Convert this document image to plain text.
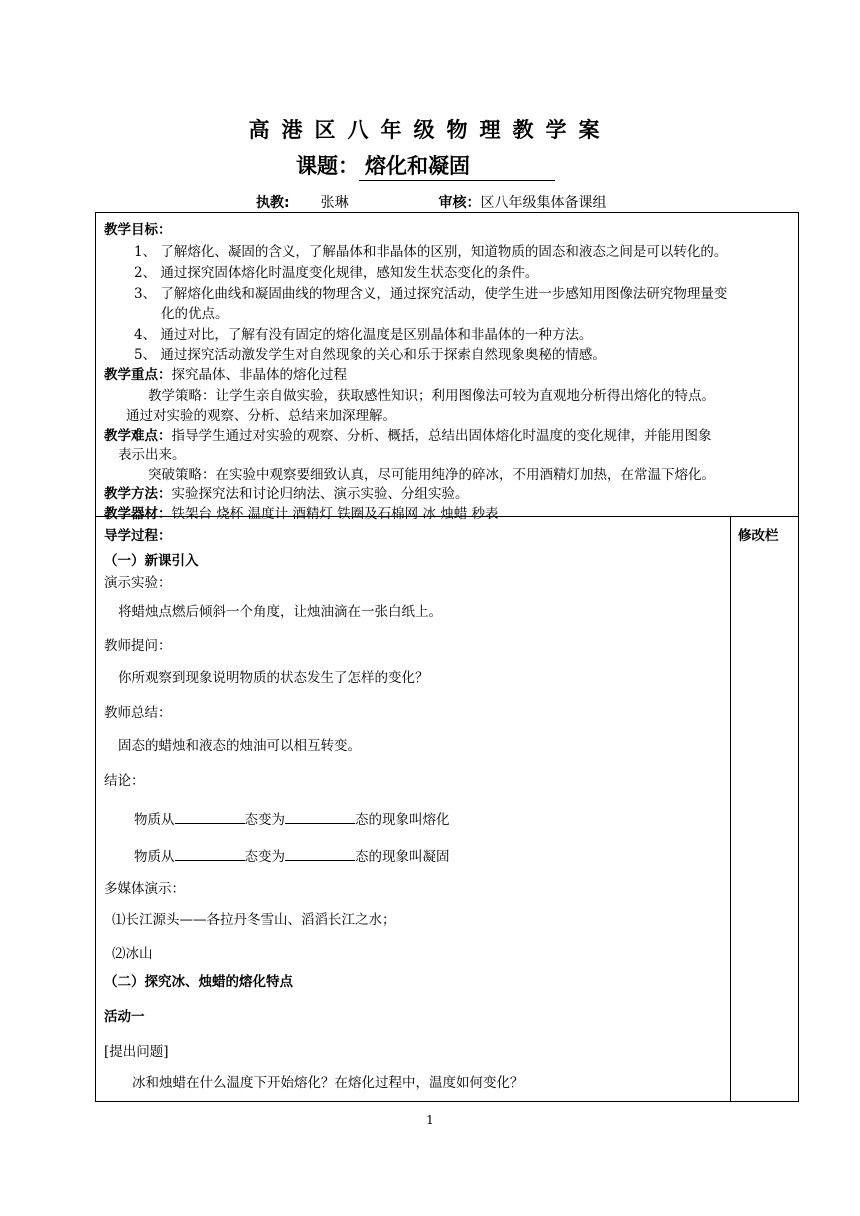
高港区八年级物理教学案
课题： 熔化和凝固
执教: 张琳	审核：区八年级集体备课组
教学目标：
1、 了解熔化、凝固的含义，了解晶体和非晶体的区别，知道物质的固态和液态之间是可以转化的。
2、 通过探究固体熔化时温度变化规律，感知发生状态变化的条件。
3、 了解熔化曲线和凝固曲线的物理含义，通过探究活动，使学生进一步感知用图像法研究物理量变
化的优点。
4、 通过对比，了解有没有固定的熔化温度是区别晶体和非晶体的一种方法。
5、 通过探究活动激发学生对自然现象的关心和乐于探索自然现象奥秘的情感。
教学重点：探究晶体、非晶体的熔化过程
教学策略：让学生亲自做实验，获取感性知识；利用图像法可较为直观地分析得出熔化的特点。
通过对实验的观察、分析、总结来加深理解。
教学难点：指导学生通过对实验的观察、分析、概括，总结出固体熔化时温度的变化规律，并能用图象
表示出来。
突破策略：在实验中观察要细致认真，尽可能用纯净的碎冰，不用酒精灯加热，在常温下熔化。
教学方法：实验探究法和讨论归纳法、演示实验、分组实验。
教学器材：铁架台 烧杯 温度计 酒精灯 铁圈及石棉网 冰 烛蜡 秒表
导学过程：	修改栏
（一）新课引入
演示实验：
将蜡烛点燃后倾斜一个角度，让烛油滴在一张白纸上。
教师提问：
你所观察到现象说明物质的状态发生了怎样的变化？
教师总结：
固态的蜡烛和液态的烛油可以相互转变。
结论：
物质从	态变为	态的现象叫熔化
物质从	态变为	态的现象叫凝固
多媒体演示：
⑴长江源头——各拉丹冬雪山、滔滔长江之水；
⑵冰山
（二）探究冰、烛蜡的熔化特点
活动一
[提出问题]
冰和烛蜡在什么温度下开始熔化？在熔化过程中，温度如何变化？
1
